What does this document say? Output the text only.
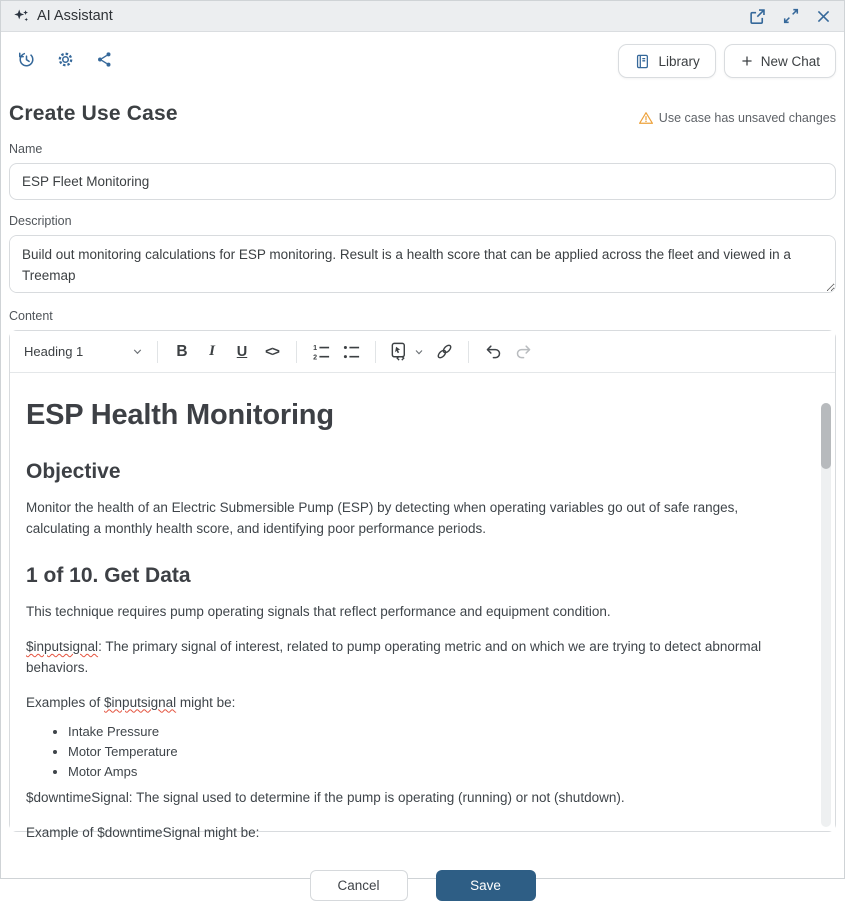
AI Assistant
Library	New Chat
Create Use Case	Use case has unsaved changes
Name
ESP Fleet Monitoring
Description
Build out monitoring calculations for ESP monitoring. Result is a health score that can be applied across the fleet and viewed in a Treemap
Content
Heading 1	B	I	U	<>	1
2
ESP Health Monitoring
Objective

Monitor the health of an Electric Submersible Pump (ESP) by detecting when operating variables go out of safe ranges, calculating a monthly health score, and identifying poor performance periods.

1 of 10. Get Data

This technique requires pump operating signals that reflect performance and equipment condition.

$inputsignal: The primary signal of interest, related to pump operating metric and on which we are trying to detect abnormal behaviors.

Examples of $inputsignal might be:

• Intake Pressure
• Motor Temperature
• Motor Amps

$downtimeSignal: The signal used to determine if the pump is operating (running) or not (shutdown).

Example of $downtimeSignal might be:

Cancel	Save
